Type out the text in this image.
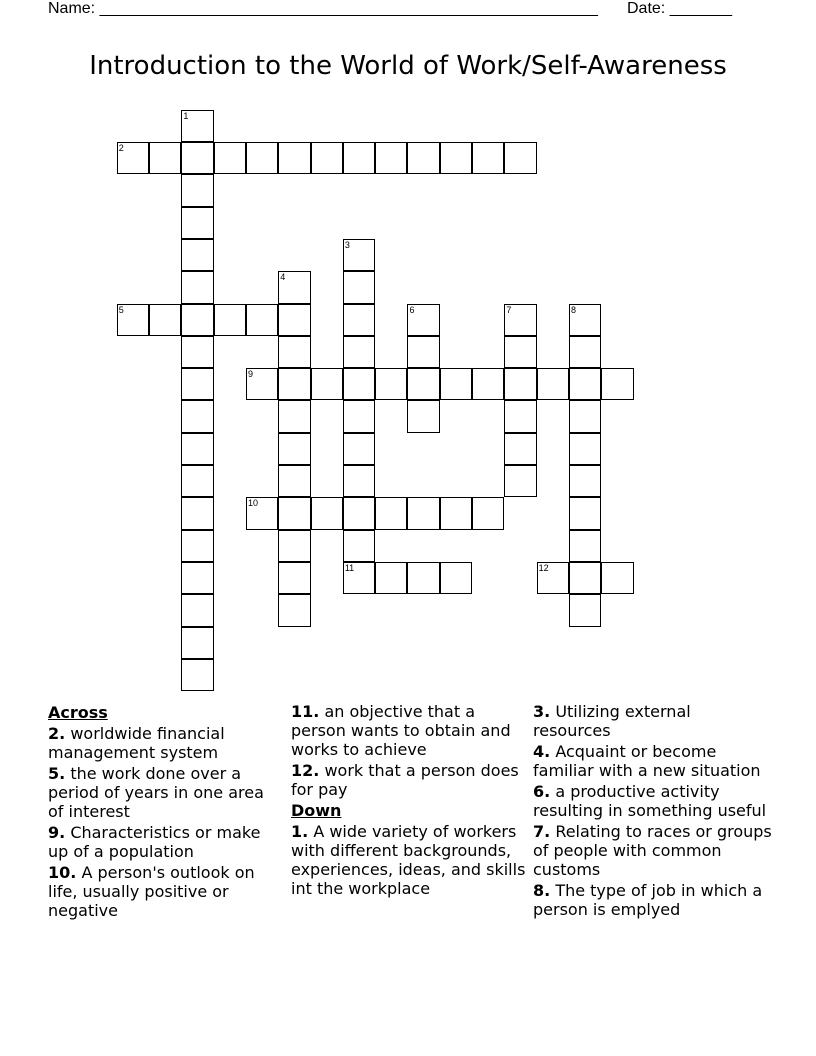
Name: ________________________________________________________ Date: _______
Introduction to the World of Work/Self-Awareness
1
2
3
11
4
5	6	7	8
9
10
12
Across
2. worldwide financial management system
5. the work done over a period of years in one area of interest
9. Characteristics or make up of a population
10. A person's outlook on life, usually positive or negative
11. an objective that a person wants to obtain and works to achieve
12. work that a person does for pay
Down
1. A wide variety of workers with different backgrounds, experiences, ideas, and skills int the workplace
3. Utilizing external resources
4. Acquaint or become familiar with a new situation
6. a productive activity resulting in something useful
7. Relating to races or groups of people with common customs
8. The type of job in which a person is emplyed
